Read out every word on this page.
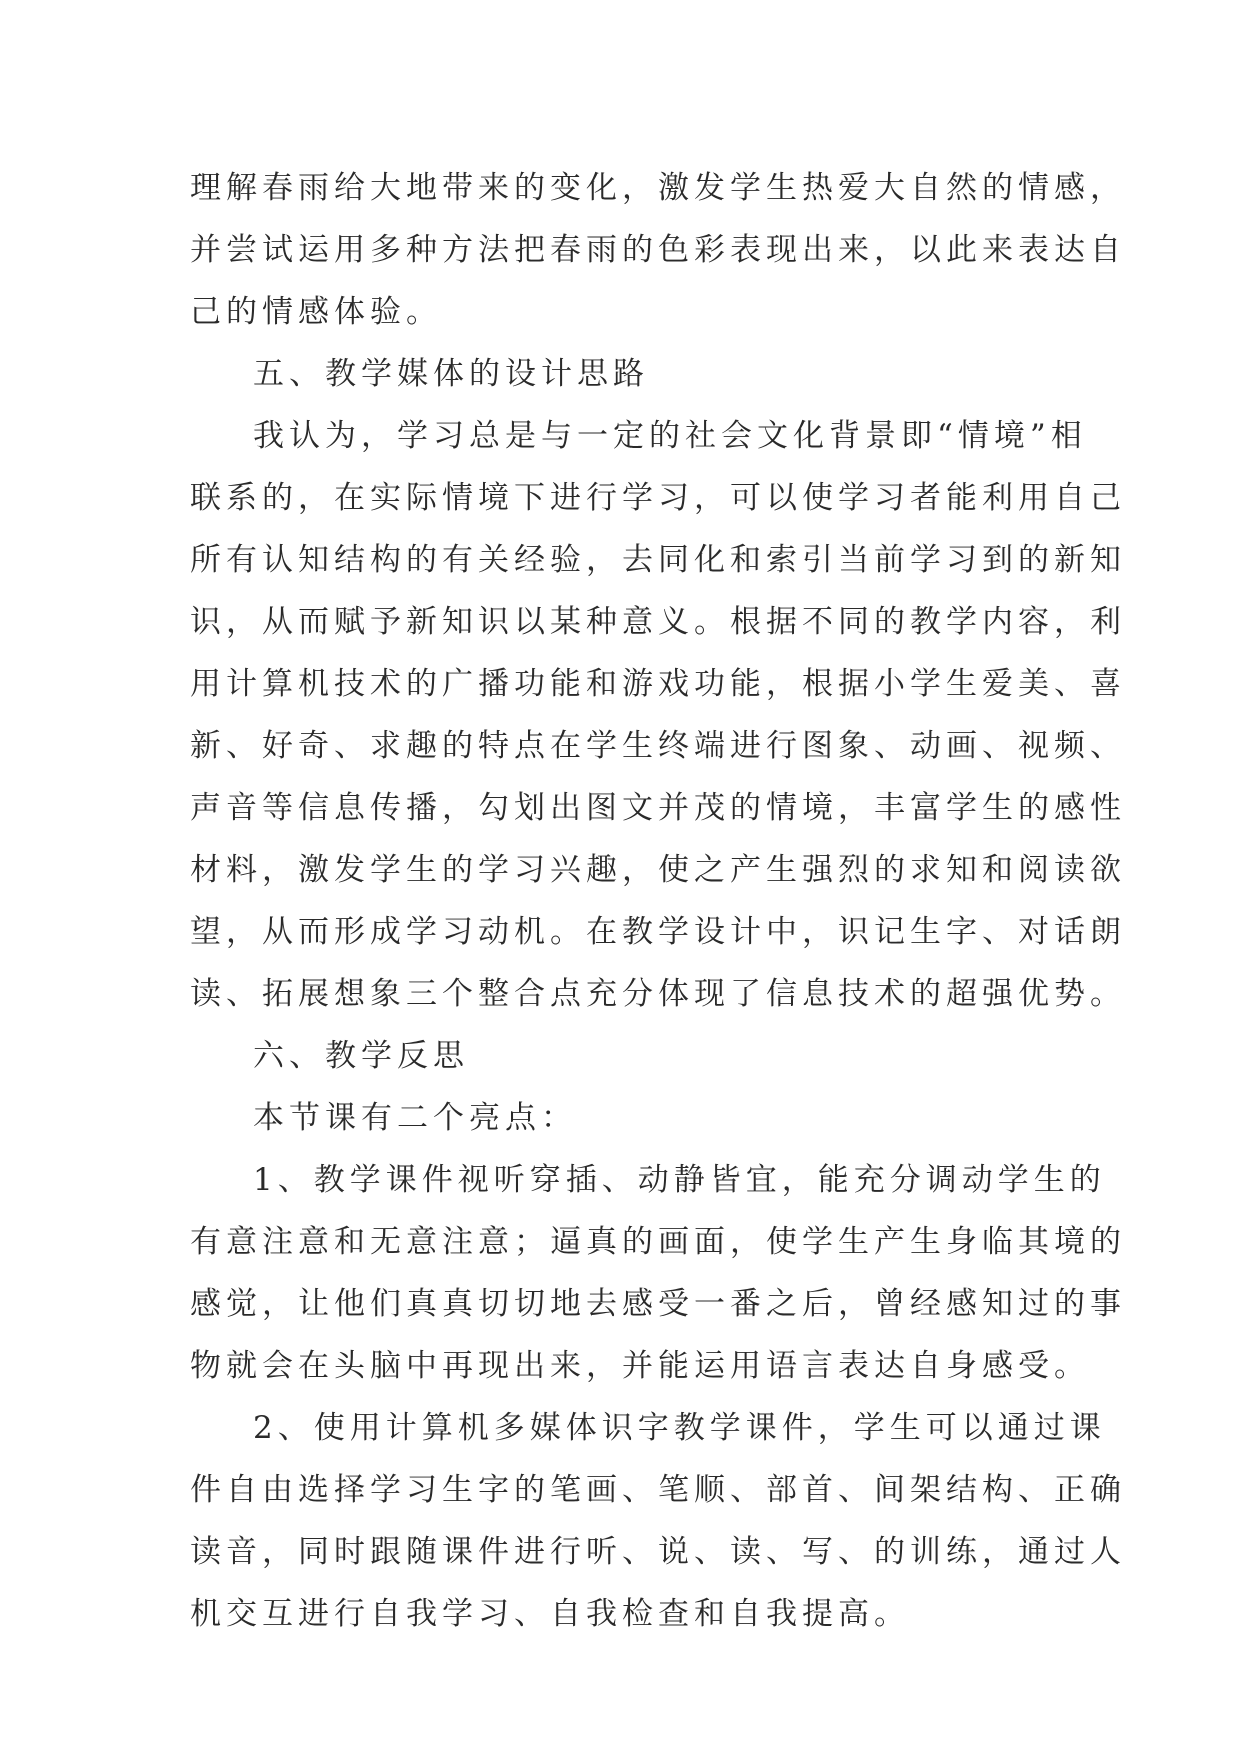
理解春雨给大地带来的变化，激发学生热爱大自然的情感，
并尝试运用多种方法把春雨的色彩表现出来，以此来表达自
己的情感体验。
五、教学媒体的设计思路
我认为，学习总是与一定的社会文化背景即“情境”相
联系的，在实际情境下进行学习，可以使学习者能利用自己
所有认知结构的有关经验，去同化和索引当前学习到的新知
识，从而赋予新知识以某种意义。根据不同的教学内容，利
用计算机技术的广播功能和游戏功能，根据小学生爱美、喜
新、好奇、求趣的特点在学生终端进行图象、动画、视频、
声音等信息传播，勾划出图文并茂的情境，丰富学生的感性
材料，激发学生的学习兴趣，使之产生强烈的求知和阅读欲
望，从而形成学习动机。在教学设计中，识记生字、对话朗
读、拓展想象三个整合点充分体现了信息技术的超强优势。
六、教学反思
本节课有二个亮点：
1、教学课件视听穿插、动静皆宜，能充分调动学生的
有意注意和无意注意；逼真的画面，使学生产生身临其境的
感觉，让他们真真切切地去感受一番之后，曾经感知过的事
物就会在头脑中再现出来，并能运用语言表达自身感受。
2、使用计算机多媒体识字教学课件，学生可以通过课
件自由选择学习生字的笔画、笔顺、部首、间架结构、正确
读音，同时跟随课件进行听、说、读、写、的训练，通过人
机交互进行自我学习、自我检查和自我提高。
